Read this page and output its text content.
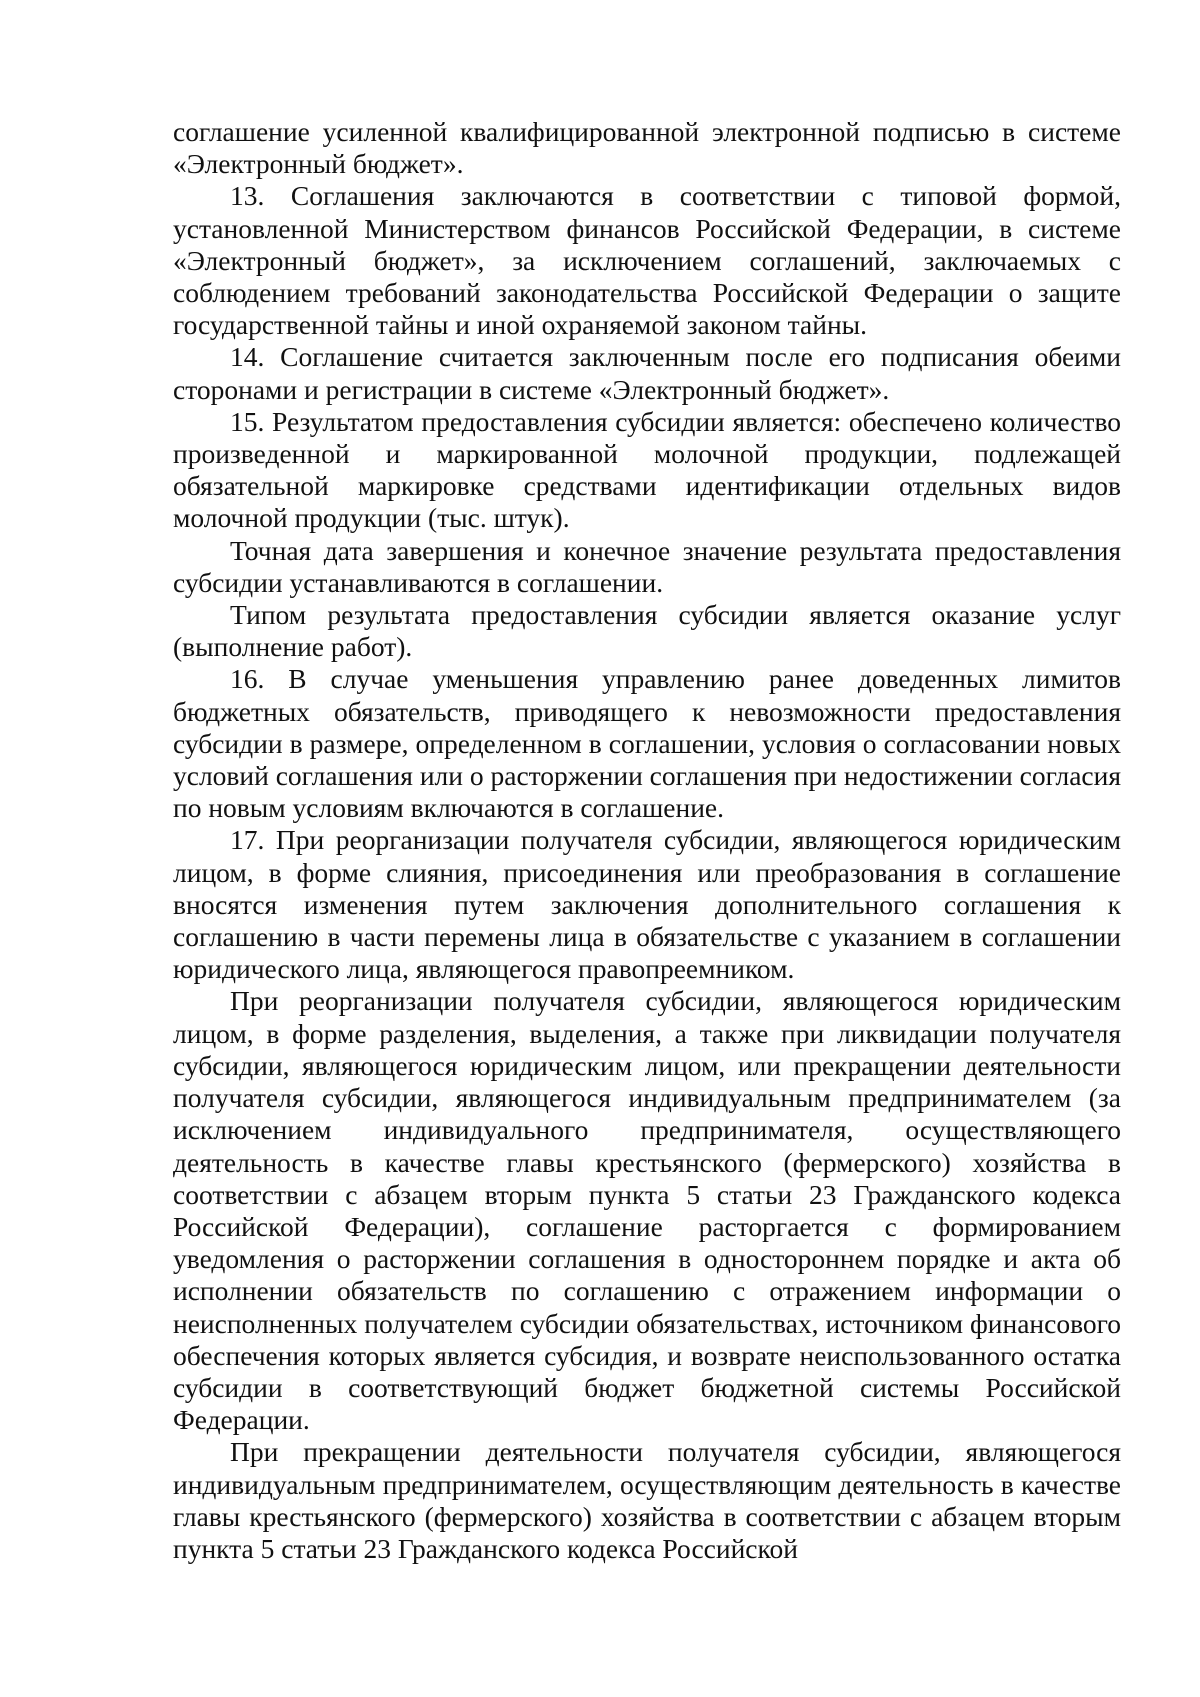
соглашение усиленной квалифицированной электронной подписью в системе «Электронный бюджет».

13. Соглашения заключаются в соответствии с типовой формой, установленной Министерством финансов Российской Федерации, в системе «Электронный бюджет», за исключением соглашений, заключаемых с соблюдением требований законодательства Российской Федерации о защите государственной тайны и иной охраняемой законом тайны.

14. Соглашение считается заключенным после его подписания обеими сторонами и регистрации в системе «Электронный бюджет».

15. Результатом предоставления субсидии является: обеспечено количество произведенной и маркированной молочной продукции, подлежащей обязательной маркировке средствами идентификации отдельных видов молочной продукции (тыс. штук).

Точная дата завершения и конечное значение результата предоставления субсидии устанавливаются в соглашении.

Типом результата предоставления субсидии является оказание услуг (выполнение работ).

16. В случае уменьшения управлению ранее доведенных лимитов бюджетных обязательств, приводящего к невозможности предоставления субсидии в размере, определенном в соглашении, условия о согласовании новых условий соглашения или о расторжении соглашения при недостижении согласия по новым условиям включаются в соглашение.

17. При реорганизации получателя субсидии, являющегося юридическим лицом, в форме слияния, присоединения или преобразования в соглашение вносятся изменения путем заключения дополнительного соглашения к соглашению в части перемены лица в обязательстве с указанием в соглашении юридического лица, являющегося правопреемником.

При реорганизации получателя субсидии, являющегося юридическим лицом, в форме разделения, выделения, а также при ликвидации получателя субсидии, являющегося юридическим лицом, или прекращении деятельности получателя субсидии, являющегося индивидуальным предпринимателем (за исключением индивидуального предпринимателя, осуществляющего деятельность в качестве главы крестьянского (фермерского) хозяйства в соответствии с абзацем вторым пункта 5 статьи 23 Гражданского кодекса Российской Федерации), соглашение расторгается с формированием уведомления о расторжении соглашения в одностороннем порядке и акта об исполнении обязательств по соглашению с отражением информации о неисполненных получателем субсидии обязательствах, источником финансового обеспечения которых является субсидия, и возврате неиспользованного остатка субсидии в соответствующий бюджет бюджетной системы Российской Федерации.

При прекращении деятельности получателя субсидии, являющегося индивидуальным предпринимателем, осуществляющим деятельность в качестве главы крестьянского (фермерского) хозяйства в соответствии с абзацем вторым пункта 5 статьи 23 Гражданского кодекса Российской
